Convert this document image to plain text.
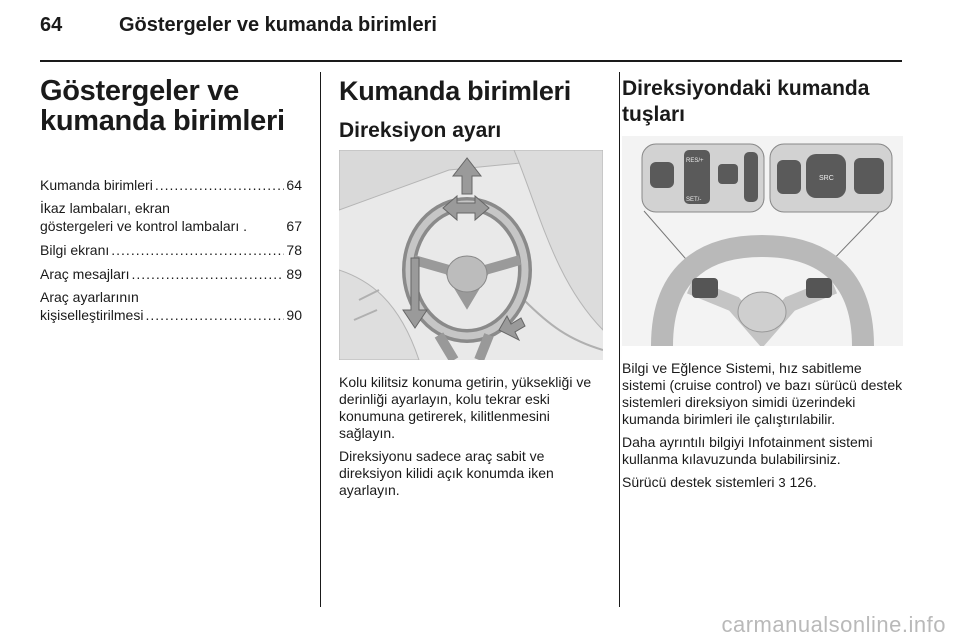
64	Göstergeler ve kumanda birimleri
Göstergeler ve
kumanda birimleri
Kumanda birimleri .....	64
İkaz lambaları, ekran
göstergeleri ve kontrol lambaları .	67
Bilgi ekranı .....	78
Araç mesajları .....	89
Araç ayarlarının
kişiselleştirilmesi .....	90
Kumanda birimleri
Direksiyon ayarı

Kolu kilitsiz konuma getirin, yüksekliği ve derinliği ayarlayın, kolu tekrar eski konumuna getirerek, kilitlenmesini sağlayın.

Direksiyonu sadece araç sabit ve direksiyon kilidi açık konumda iken ayarlayın.

Direksiyondaki kumanda
tuşları
RES/+
SET/-
SRC

Bilgi ve Eğlence Sistemi, hız sabitleme sistemi (cruise control) ve bazı sürücü destek sistemleri direksiyon simidi üzerindeki kumanda birimleri ile çalıştırılabilir.

Daha ayrıntılı bilgiyi Infotainment sistemi kullanma kılavuzunda bulabilirsiniz.

Sürücü destek sistemleri 3 126.

carmanualsonline.info
